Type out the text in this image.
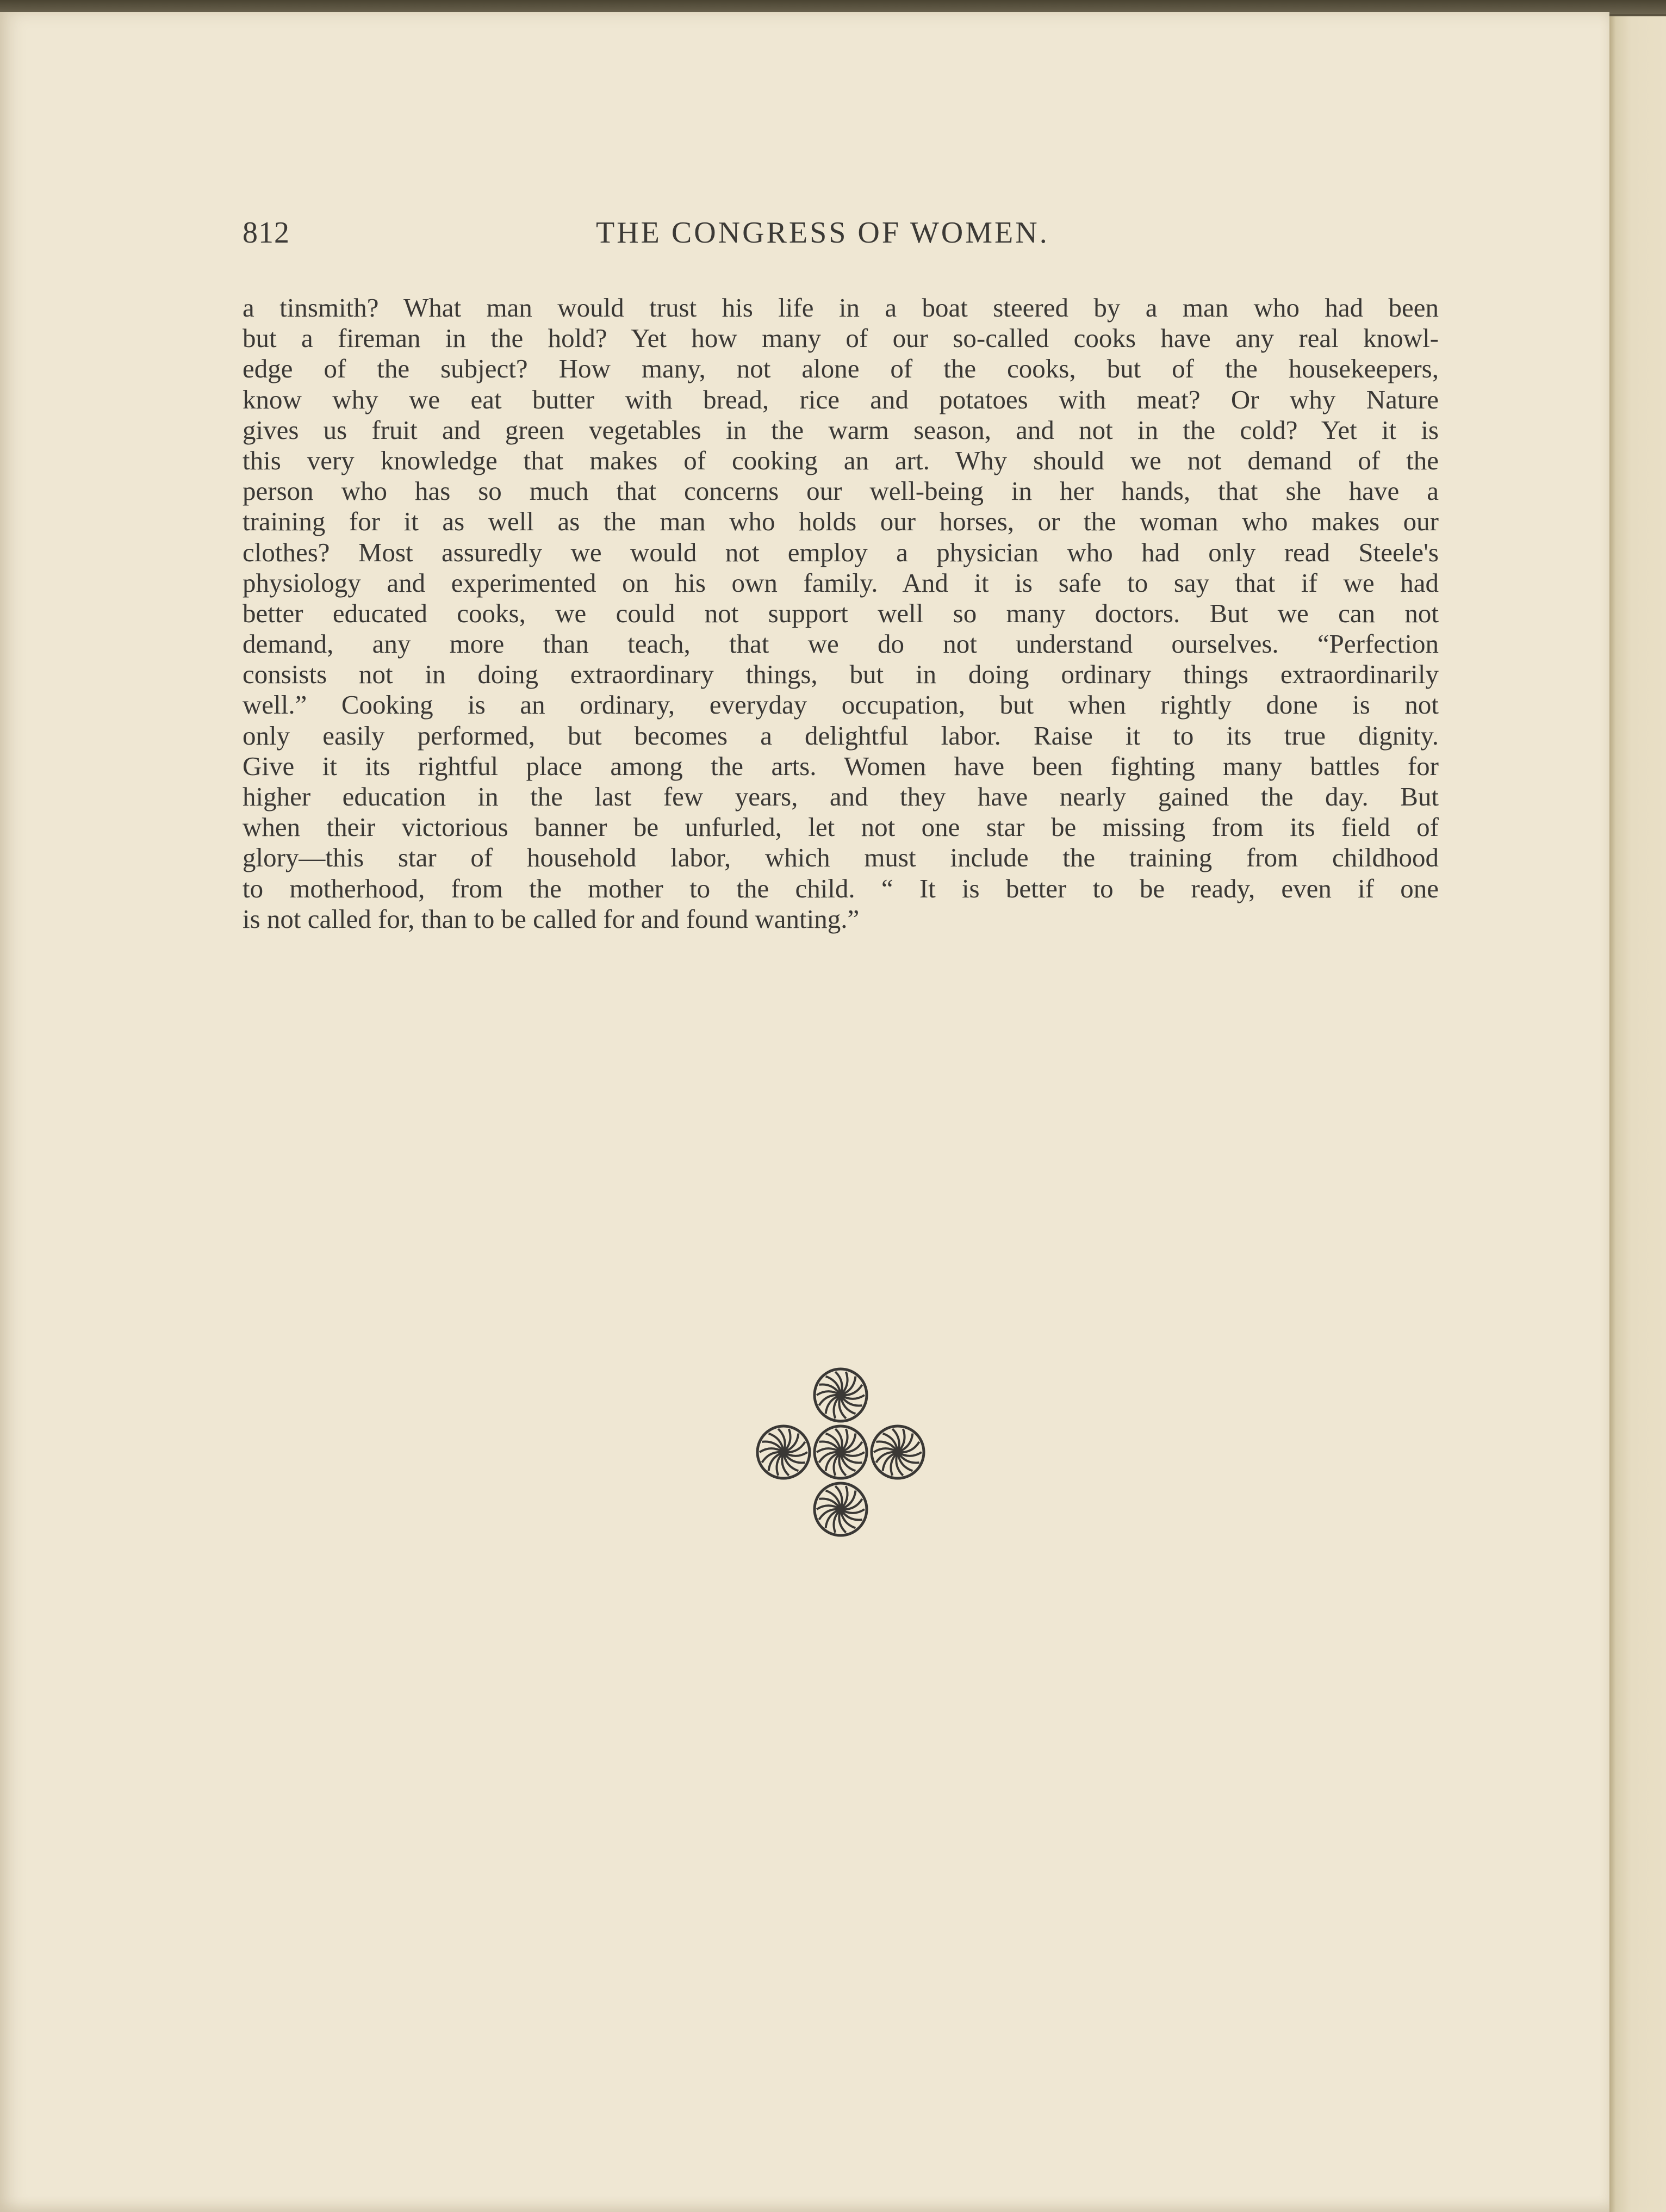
812	THE CONGRESS OF WOMEN.
a tinsmith? What man would trust his life in a boat steered by a man who had been
but a fireman in the hold? Yet how many of our so-called cooks have any real knowl-
edge of the subject? How many, not alone of the cooks, but of the housekeepers,
know why we eat butter with bread, rice and potatoes with meat? Or why Nature
gives us fruit and green vegetables in the warm season, and not in the cold? Yet it is
this very knowledge that makes of cooking an art. Why should we not demand of the
person who has so much that concerns our well-being in her hands, that she have a
training for it as well as the man who holds our horses, or the woman who makes our
clothes? Most assuredly we would not employ a physician who had only read Steele's
physiology and experimented on his own family. And it is safe to say that if we had
better educated cooks, we could not support well so many doctors. But we can not
demand, any more than teach, that we do not understand ourselves. “Perfection
consists not in doing extraordinary things, but in doing ordinary things extraordinarily
well.” Cooking is an ordinary, everyday occupation, but when rightly done is not
only easily performed, but becomes a delightful labor. Raise it to its true dignity.
Give it its rightful place among the arts. Women have been fighting many battles for
higher education in the last few years, and they have nearly gained the day. But
when their victorious banner be unfurled, let not one star be missing from its field of
glory—this star of household labor, which must include the training from childhood
to motherhood, from the mother to the child. “ It is better to be ready, even if one
is not called for, than to be called for and found wanting.”
